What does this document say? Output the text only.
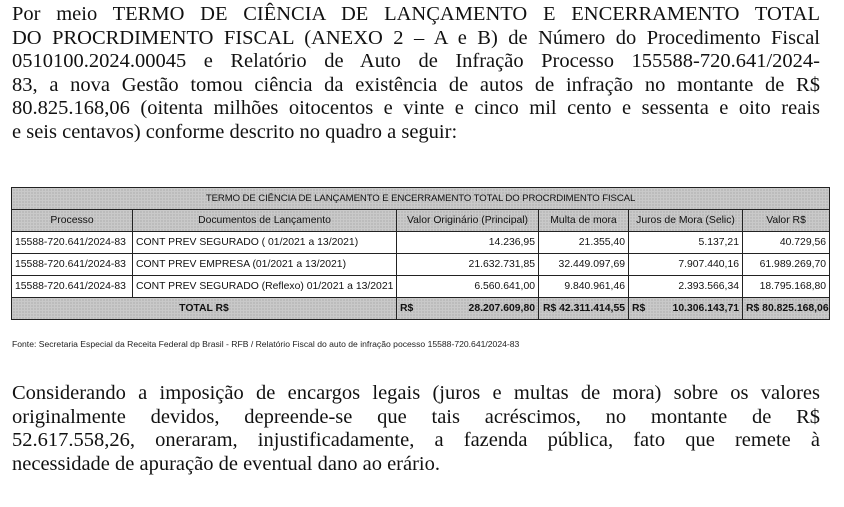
Por meio TERMO DE CIÊNCIA DE LANÇAMENTO E ENCERRAMENTO TOTAL
DO PROCRDIMENTO FISCAL (ANEXO 2 – A e B) de Número do Procedimento Fiscal
0510100.2024.00045 e Relatório de Auto de Infração Processo 155588-720.641/2024-
83, a nova Gestão tomou ciência da existência de autos de infração no montante de R$
80.825.168,06 (oitenta milhões oitocentos e vinte e cinco mil cento e sessenta e oito reais
e seis centavos) conforme descrito no quadro a seguir:
TERMO DE CIÊNCIA DE LANÇAMENTO E ENCERRAMENTO TOTAL DO PROCRDIMENTO FISCAL					
Processo	Documentos de Lançamento	Valor Originário (Principal)	Multa de mora	Juros de Mora (Selic)	Valor R$
15588-720.641/2024-83	CONT PREV SEGURADO ( 01/2021 a 13/2021)	14.236,95	21.355,40	5.137,21	40.729,56
15588-720.641/2024-83	CONT PREV EMPRESA (01/2021 a 13/2021)	21.632.731,85	32.449.097,69	7.907.440,16	61.989.269,70
15588-720.641/2024-83	CONT PREV SEGURADO (Reflexo) 01/2021 a 13/2021	6.560.641,00	9.840.961,46	2.393.566,34	18.795.168,80
TOTAL R$		R$ 28.207.609,80	R$ 42.311.414,55	R$ 10.306.143,71	R$ 80.825.168,06
Fonte: Secretaria Especial da Receita Federal dp Brasil - RFB / Relatório Fiscal do auto de infração pocesso 15588-720.641/2024-83
Considerando a imposição de encargos legais (juros e multas de mora) sobre os valores
originalmente devidos, depreende-se que tais acréscimos, no montante de R$
52.617.558,26, oneraram, injustificadamente, a fazenda pública, fato que remete à
necessidade de apuração de eventual dano ao erário.
